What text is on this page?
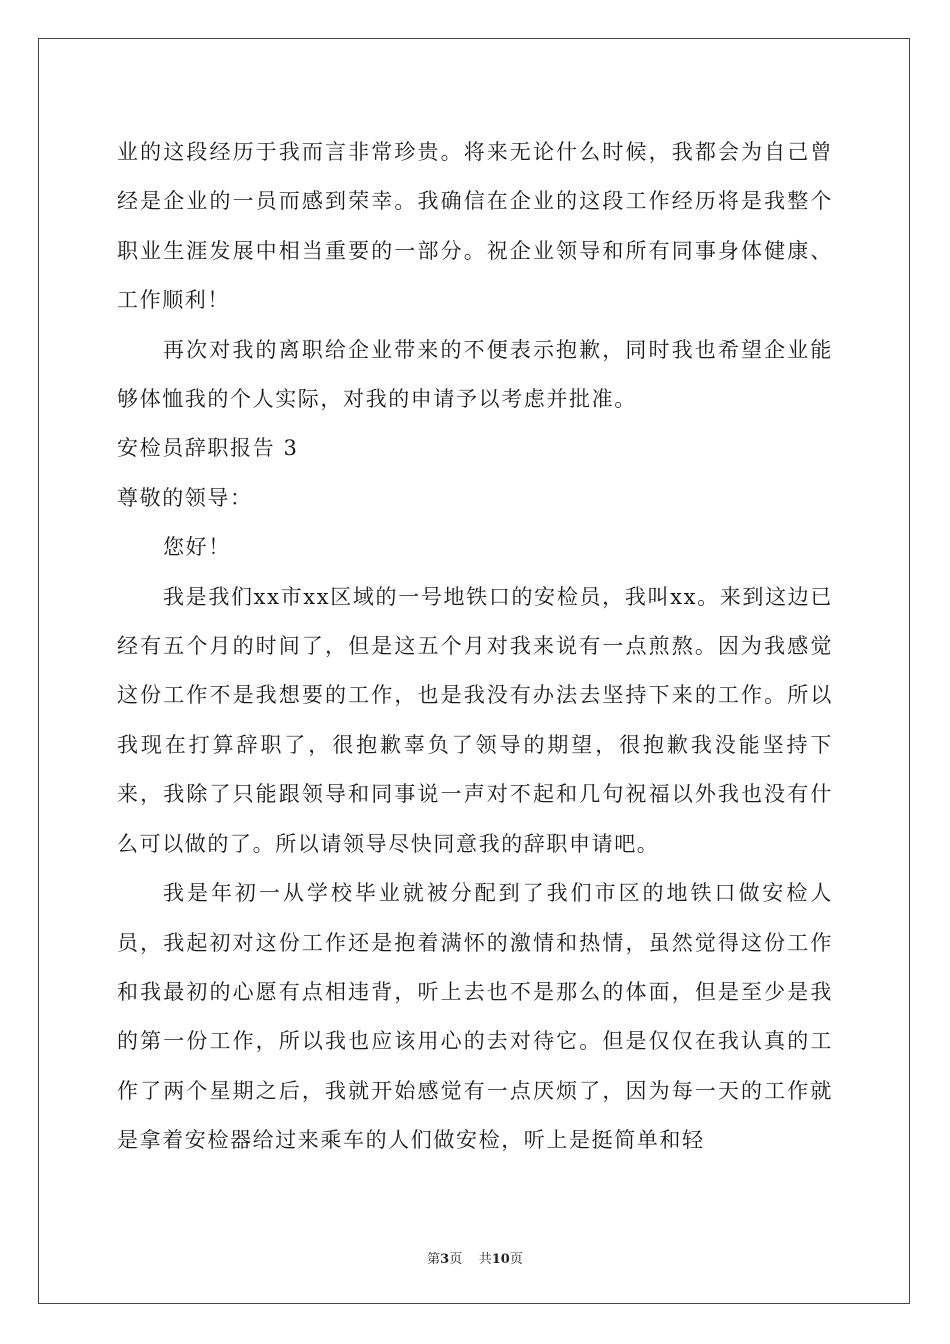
业的这段经历于我而言非常珍贵。将来无论什么时候，我都会为自己曾经是企业的一员而感到荣幸。我确信在企业的这段工作经历将是我整个职业生涯发展中相当重要的一部分。祝企业领导和所有同事身体健康、工作顺利！

再次对我的离职给企业带来的不便表示抱歉，同时我也希望企业能够体恤我的个人实际，对我的申请予以考虑并批准。

安检员辞职报告 3

尊敬的领导：

您好！

我是我们xx市xx区域的一号地铁口的安检员，我叫xx。来到这边已经有五个月的时间了，但是这五个月对我来说有一点煎熬。因为我感觉这份工作不是我想要的工作，也是我没有办法去坚持下来的工作。所以我现在打算辞职了，很抱歉辜负了领导的期望，很抱歉我没能坚持下来，我除了只能跟领导和同事说一声对不起和几句祝福以外我也没有什么可以做的了。所以请领导尽快同意我的辞职申请吧。

我是年初一从学校毕业就被分配到了我们市区的地铁口做安检人员，我起初对这份工作还是抱着满怀的激情和热情，虽然觉得这份工作和我最初的心愿有点相违背，听上去也不是那么的体面，但是至少是我的第一份工作，所以我也应该用心的去对待它。但是仅仅在我认真的工作了两个星期之后，我就开始感觉有一点厌烦了，因为每一天的工作就是拿着安检器给过来乘车的人们做安检，听上是挺简单和轻

第3页 共10页
